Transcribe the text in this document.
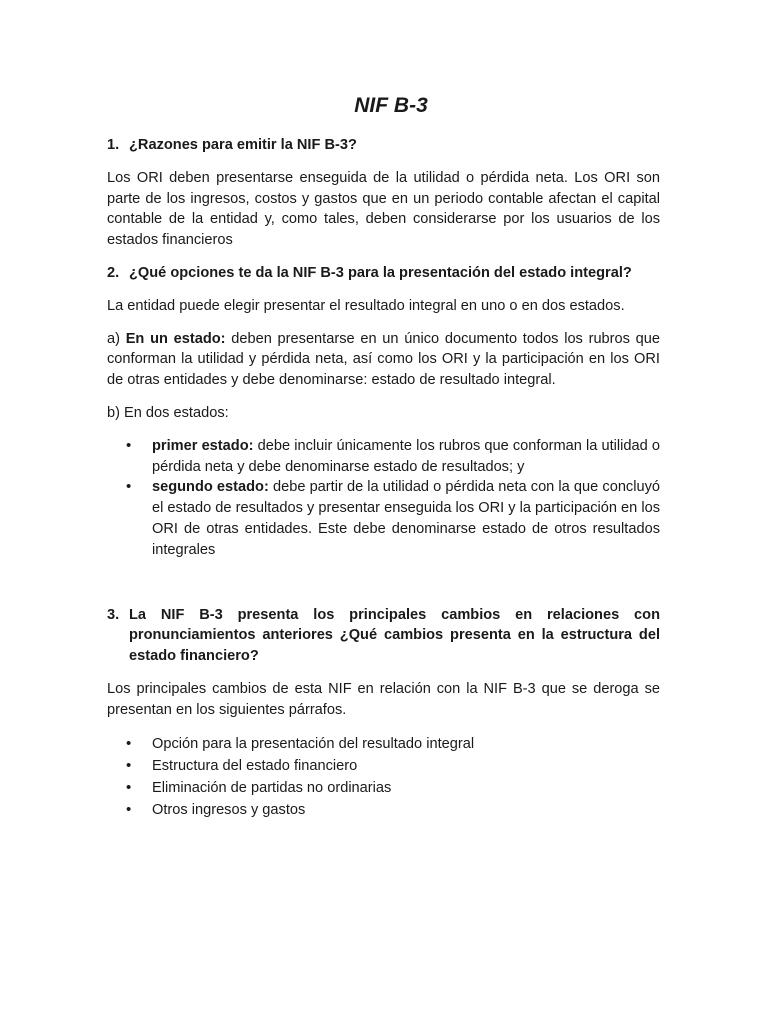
NIF B-3
1. ¿Razones para emitir la NIF B-3?

Los ORI deben presentarse enseguida de la utilidad o pérdida neta. Los ORI son parte de los ingresos, costos y gastos que en un periodo contable afectan el capital contable de la entidad y, como tales, deben considerarse por los usuarios de los estados financieros

2. ¿Qué opciones te da la NIF B-3 para la presentación del estado integral?

La entidad puede elegir presentar el resultado integral en uno o en dos estados.

a) En un estado: deben presentarse en un único documento todos los rubros que conforman la utilidad y pérdida neta, así como los ORI y la participación en los ORI de otras entidades y debe denominarse: estado de resultado integral.

b) En dos estados:

• primer estado: debe incluir únicamente los rubros que conforman la utilidad o pérdida neta y debe denominarse estado de resultados; y
• segundo estado: debe partir de la utilidad o pérdida neta con la que concluyó el estado de resultados y presentar enseguida los ORI y la participación en los ORI de otras entidades. Este debe denominarse estado de otros resultados integrales
3. La NIF B-3 presenta los principales cambios en relaciones con pronunciamientos anteriores ¿Qué cambios presenta en la estructura del estado financiero?

Los principales cambios de esta NIF en relación con la NIF B-3 que se deroga se presentan en los siguientes párrafos.

• Opción para la presentación del resultado integral
• Estructura del estado financiero
• Eliminación de partidas no ordinarias
• Otros ingresos y gastos
